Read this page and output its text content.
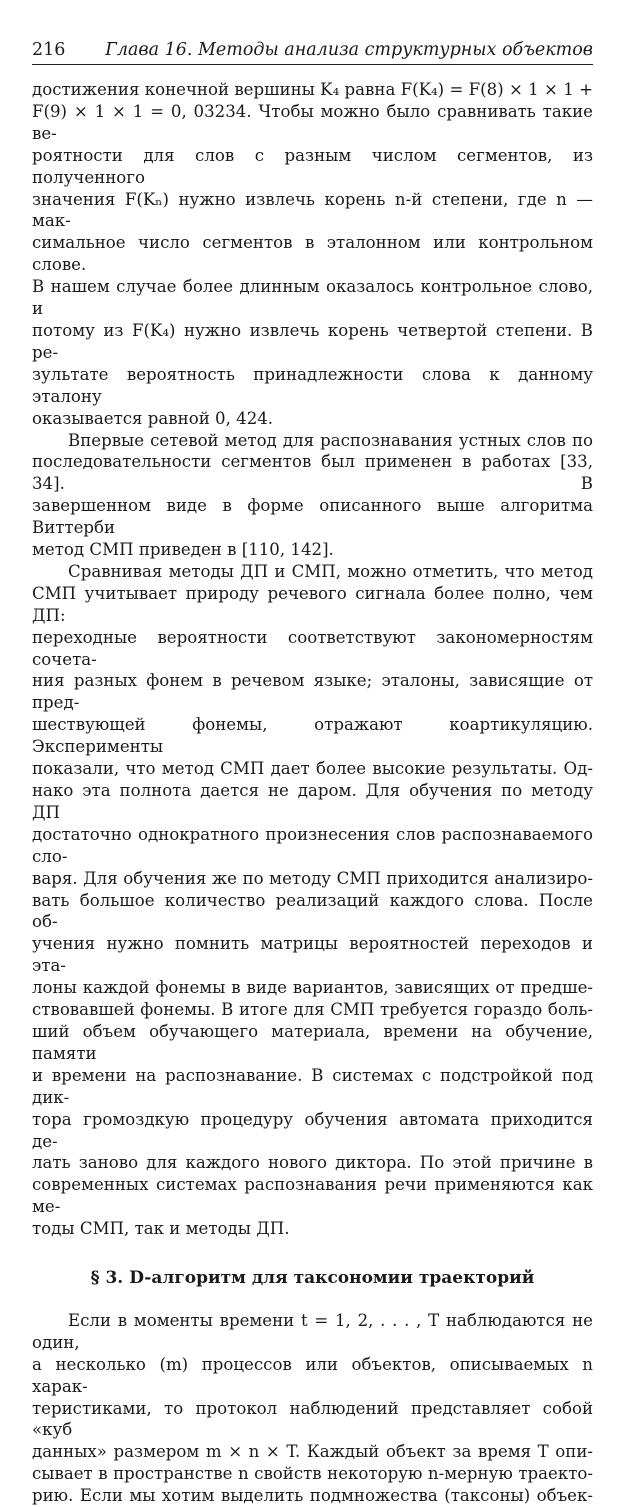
216 Глава 16. Методы анализа структурных объектов
достижения конечной вершины K₄ равна F(K₄) = F(8) × 1 × 1 +
F(9) × 1 × 1 = 0, 03234. Чтобы можно было сравнивать такие ве-
роятности для слов с разным числом сегментов, из полученного
значения F(Kₙ) нужно извлечь корень n-й степени, где n — мак-
симальное число сегментов в эталонном или контрольном слове.
В нашем случае более длинным оказалось контрольное слово, и
потому из F(K₄) нужно извлечь корень четвертой степени. В ре-
зультате вероятность принадлежности слова к данному эталону
оказывается равной 0, 424.
Впервые сетевой метод для распознавания устных слов по
последовательности сегментов был применен в работах [33, 34]. В
завершенном виде в форме описанного выше алгоритма Виттерби
метод СМП приведен в [110, 142].
Сравнивая методы ДП и СМП, можно отметить, что метод
СМП учитывает природу речевого сигнала более полно, чем ДП:
переходные вероятности соответствуют закономерностям сочета-
ния разных фонем в речевом языке; эталоны, зависящие от пред-
шествующей фонемы, отражают коартикуляцию. Эксперименты
показали, что метод СМП дает более высокие результаты. Од-
нако эта полнота дается не даром. Для обучения по методу ДП
достаточно однократного произнесения слов распознаваемого сло-
варя. Для обучения же по методу СМП приходится анализиро-
вать большое количество реализаций каждого слова. После об-
учения нужно помнить матрицы вероятностей переходов и эта-
лоны каждой фонемы в виде вариантов, зависящих от предше-
ствовавшей фонемы. В итоге для СМП требуется гораздо боль-
ший объем обучающего материала, времени на обучение, памяти
и времени на распознавание. В системах с подстройкой под дик-
тора громоздкую процедуру обучения автомата приходится де-
лать заново для каждого нового диктора. По этой причине в
современных системах распознавания речи применяются как ме-
тоды СМП, так и методы ДП.
§ 3. D-алгоритм для таксономии траекторий
Если в моменты времени t = 1, 2, . . . , T наблюдаются не один,
а несколько (m) процессов или объектов, описываемых n харак-
теристиками, то протокол наблюдений представляет собой «куб
данных» размером m × n × T. Каждый объект за время T опи-
сывает в пространстве n свойств некоторую n-мерную траекто-
рию. Если мы хотим выделить подмножества (таксоны) объек-
